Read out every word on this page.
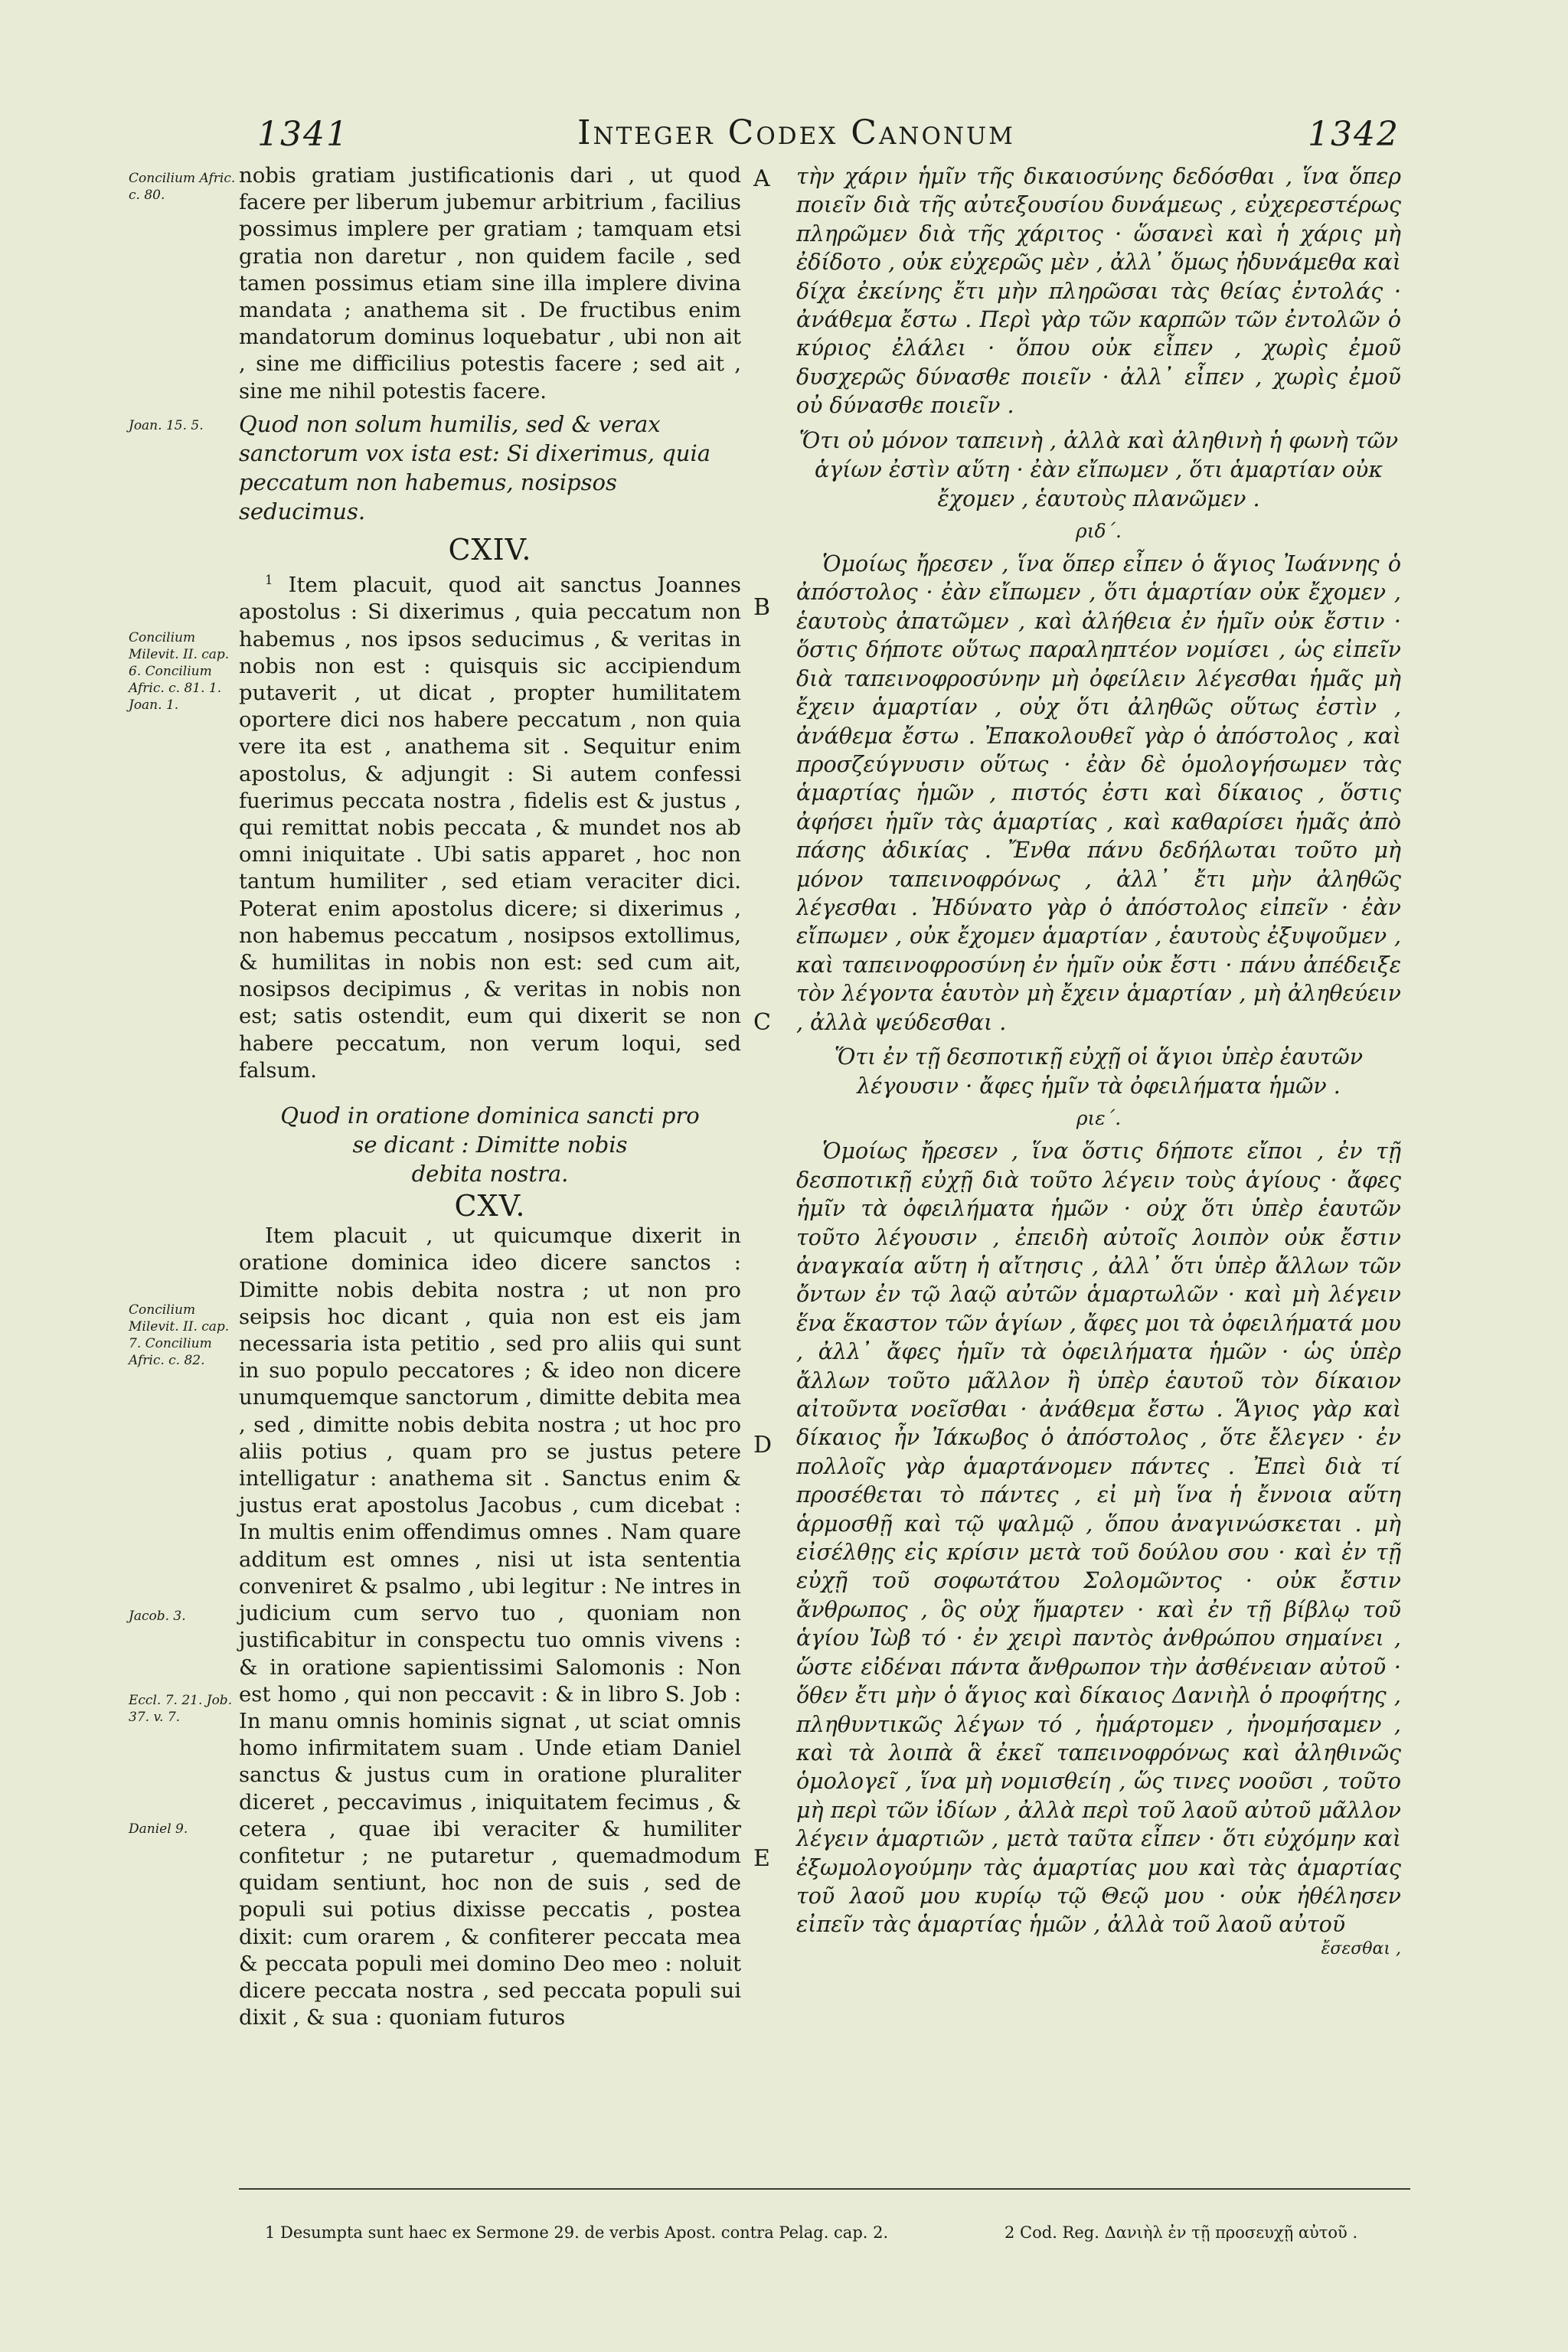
1341	Integer Codex Canonum	1342
Concilium Afric. c. 80.
Joan. 15. 5.
Concilium Milevit. II. cap. 6. Concilium Afric. c. 81. 1. Joan. 1.
Concilium Milevit. II. cap. 7. Concilium Afric. c. 82.
Jacob. 3.
Eccl. 7. 21. Job. 37. v. 7.
Daniel 9.

nobis gratiam justificationis dari , ut quod facere per liberum jubemur arbitrium , facilius possimus implere per gratiam ; tamquam etsi gratia non daretur , non quidem facile , sed tamen possimus etiam sine illa implere divina mandata ; anathema sit . De fructibus enim mandatorum dominus loquebatur , ubi non ait , sine me difficilius potestis facere ; sed ait , sine me nihil potestis facere.

Quod non solum humilis, sed & verax sanctorum vox ista est: Si dixerimus, quia peccatum non habemus, nosipsos seducimus.

CXIV.

$^1$ Item placuit, quod ait sanctus Joannes apostolus : Si dixerimus , quia peccatum non habemus , nos ipsos seducimus , & veritas in nobis non est : quisquis sic accipiendum putaverit , ut dicat , propter humilitatem oportere dici nos habere peccatum , non quia vere ita est , anathema sit . Sequitur enim apostolus, & adjungit : Si autem confessi fuerimus peccata nostra , fidelis est & justus , qui remittat nobis peccata , & mundet nos ab omni iniquitate . Ubi satis apparet , hoc non tantum humiliter , sed etiam veraciter dici. Poterat enim apostolus dicere; si dixerimus , non habemus peccatum , nosipsos extollimus, & humilitas in nobis non est: sed cum ait, nosipsos decipimus , & veritas in nobis non est; satis ostendit, eum qui dixerit se non habere peccatum, non verum loqui, sed falsum.

Quod in oratione dominica sancti pro

se dicant : Dimitte nobis

debita nostra.

CXV.

Item placuit , ut quicumque dixerit in oratione dominica ideo dicere sanctos : Dimitte nobis debita nostra ; ut non pro seipsis hoc dicant , quia non est eis jam necessaria ista petitio , sed pro aliis qui sunt in suo populo peccatores ; & ideo non dicere unumquemque sanctorum , dimitte debita mea , sed , dimitte nobis debita nostra ; ut hoc pro aliis potius , quam pro se justus petere intelligatur : anathema sit . Sanctus enim & justus erat apostolus Jacobus , cum dicebat : In multis enim offendimus omnes . Nam quare additum est omnes , nisi ut ista sententia conveniret & psalmo , ubi legitur : Ne intres in judicium cum servo tuo , quoniam non justificabitur in conspectu tuo omnis vivens : & in oratione sapientissimi Salomonis : Non est homo , qui non peccavit : & in libro S. Job : In manu omnis hominis signat , ut sciat omnis homo infirmitatem suam . Unde etiam Daniel sanctus & justus cum in oratione pluraliter diceret , peccavimus , iniquitatem fecimus , & cetera , quae ibi veraciter & humiliter confitetur ; ne putaretur , quemadmodum quidam sentiunt, hoc non de suis , sed de populi sui potius dixisse peccatis , postea dixit: cum orarem , & confiterer peccata mea & peccata populi mei domino Deo meo : noluit dicere peccata nostra , sed peccata populi sui dixit , & sua : quoniam futuros

A
B
C
D
E

τὴν χάριν ἡμῖν τῆς δικαιοσύνης δεδόσθαι , ἵνα ὅπερ ποιεῖν διὰ τῆς αὐτεξουσίου δυνάμεως , εὐχερεστέρως πληρῶμεν διὰ τῆς χάριτος · ὥσανεὶ καὶ ἡ χάρις μὴ ἐδίδοτο , οὐκ εὐχερῶς μὲν , ἀλλ᾽ ὅμως ἠδυνάμεθα καὶ δίχα ἐκείνης ἔτι μὴν πληρῶσαι τὰς θείας ἐντολάς · ἀνάθεμα ἔστω . Περὶ γὰρ τῶν καρπῶν τῶν ἐντολῶν ὁ κύριος ἐλάλει · ὅπου οὐκ εἶπεν , χωρὶς ἐμοῦ δυσχερῶς δύνασθε ποιεῖν · ἀλλ᾽ εἶπεν , χωρὶς ἐμοῦ οὐ δύνασθε ποιεῖν .

Ὅτι οὐ μόνον ταπεινὴ , ἀλλὰ καὶ ἀληθινὴ ἡ φωνὴ τῶν ἁγίων ἐστὶν αὕτη · ἐὰν εἴπωμεν , ὅτι ἁμαρτίαν οὐκ ἔχομεν , ἑαυτοὺς πλανῶμεν .

ριδ΄.

Ὁμοίως ἤρεσεν , ἵνα ὅπερ εἶπεν ὁ ἅγιος Ἰωάννης ὁ ἀπόστολος · ἐὰν εἴπωμεν , ὅτι ἁμαρτίαν οὐκ ἔχομεν , ἑαυτοὺς ἀπατῶμεν , καὶ ἀλήθεια ἐν ἡμῖν οὐκ ἔστιν · ὅστις δήποτε οὕτως παραληπτέον νομίσει , ὡς εἰπεῖν διὰ ταπεινοφροσύνην μὴ ὀφείλειν λέγεσθαι ἡμᾶς μὴ ἔχειν ἁμαρτίαν , οὐχ ὅτι ἀληθῶς οὕτως ἐστὶν , ἀνάθεμα ἔστω . Ἐπακολουθεῖ γὰρ ὁ ἀπόστολος , καὶ προσζεύγνυσιν οὕτως · ἐὰν δὲ ὁμολογήσωμεν τὰς ἁμαρτίας ἡμῶν , πιστός ἐστι καὶ δίκαιος , ὅστις ἀφήσει ἡμῖν τὰς ἁμαρτίας , καὶ καθαρίσει ἡμᾶς ἀπὸ πάσης ἀδικίας . Ἔνθα πάνυ δεδήλωται τοῦτο μὴ μόνον ταπεινοφρόνως , ἀλλ᾽ ἔτι μὴν ἀληθῶς λέγεσθαι . Ἠδύνατο γὰρ ὁ ἀπόστολος εἰπεῖν · ἐὰν εἴπωμεν , οὐκ ἔχομεν ἁμαρτίαν , ἑαυτοὺς ἐξυψοῦμεν , καὶ ταπεινοφροσύνη ἐν ἡμῖν οὐκ ἔστι · πάνυ ἀπέδειξε τὸν λέγοντα ἑαυτὸν μὴ ἔχειν ἁμαρτίαν , μὴ ἀληθεύειν , ἀλλὰ ψεύδεσθαι .

Ὅτι ἐν τῇ δεσποτικῇ εὐχῇ οἱ ἅγιοι ὑπὲρ ἑαυτῶν λέγουσιν · ἄφες ἡμῖν τὰ ὀφειλήματα ἡμῶν .

ριε΄.

Ὁμοίως ἤρεσεν , ἵνα ὅστις δήποτε εἴποι , ἐν τῇ δεσποτικῇ εὐχῇ διὰ τοῦτο λέγειν τοὺς ἁγίους · ἄφες ἡμῖν τὰ ὀφειλήματα ἡμῶν · οὐχ ὅτι ὑπὲρ ἑαυτῶν τοῦτο λέγουσιν , ἐπειδὴ αὐτοῖς λοιπὸν οὐκ ἔστιν ἀναγκαία αὕτη ἡ αἴτησις , ἀλλ᾽ ὅτι ὑπὲρ ἄλλων τῶν ὄντων ἐν τῷ λαῷ αὐτῶν ἁμαρτωλῶν · καὶ μὴ λέγειν ἕνα ἕκαστον τῶν ἁγίων , ἄφες μοι τὰ ὀφειλήματά μου , ἀλλ᾽ ἄφες ἡμῖν τὰ ὀφειλήματα ἡμῶν · ὡς ὑπὲρ ἄλλων τοῦτο μᾶλλον ἢ ὑπὲρ ἑαυτοῦ τὸν δίκαιον αἰτοῦντα νοεῖσθαι · ἀνάθεμα ἔστω . Ἅγιος γὰρ καὶ δίκαιος ἦν Ἰάκωβος ὁ ἀπόστολος , ὅτε ἔλεγεν · ἐν πολλοῖς γὰρ ἁμαρτάνομεν πάντες . Ἐπεὶ διὰ τί προσέθεται τὸ πάντες , εἰ μὴ ἵνα ἡ ἔννοια αὕτη ἁρμοσθῇ καὶ τῷ ψαλμῷ , ὅπου ἀναγινώσκεται . μὴ εἰσέλθῃς εἰς κρίσιν μετὰ τοῦ δούλου σου · καὶ ἐν τῇ εὐχῇ τοῦ σοφωτάτου Σολομῶντος · οὐκ ἔστιν ἄνθρωπος , ὃς οὐχ ἥμαρτεν · καὶ ἐν τῇ βίβλῳ τοῦ ἁγίου Ἰὼβ τό · ἐν χειρὶ παντὸς ἀνθρώπου σημαίνει , ὥστε εἰδέναι πάντα ἄνθρωπον τὴν ἀσθένειαν αὐτοῦ · ὅθεν ἔτι μὴν ὁ ἅγιος καὶ δίκαιος Δανιὴλ ὁ προφήτης , πληθυντικῶς λέγων τό , ἡμάρτομεν , ἠνομήσαμεν , καὶ τὰ λοιπὰ ἃ ἐκεῖ ταπεινοφρόνως καὶ ἀληθινῶς ὁμολογεῖ , ἵνα μὴ νομισθείη , ὥς τινες νοοῦσι , τοῦτο μὴ περὶ τῶν ἰδίων , ἀλλὰ περὶ τοῦ λαοῦ αὐτοῦ μᾶλλον λέγειν ἁμαρτιῶν , μετὰ ταῦτα εἶπεν · ὅτι εὐχόμην καὶ ἐξωμολογούμην τὰς ἁμαρτίας μου καὶ τὰς ἁμαρτίας τοῦ λαοῦ μου κυρίῳ τῷ Θεῷ μου · οὐκ ἠθέλησεν εἰπεῖν τὰς ἁμαρτίας ἡμῶν , ἀλλὰ τοῦ λαοῦ αὐτοῦ

ἔσεσθαι ,

1 Desumpta sunt haec ex Sermone 29. de verbis Apost. contra Pelag. cap. 2.	2 Cod. Reg. Δανιὴλ ἐν τῇ προσευχῇ αὐτοῦ .
